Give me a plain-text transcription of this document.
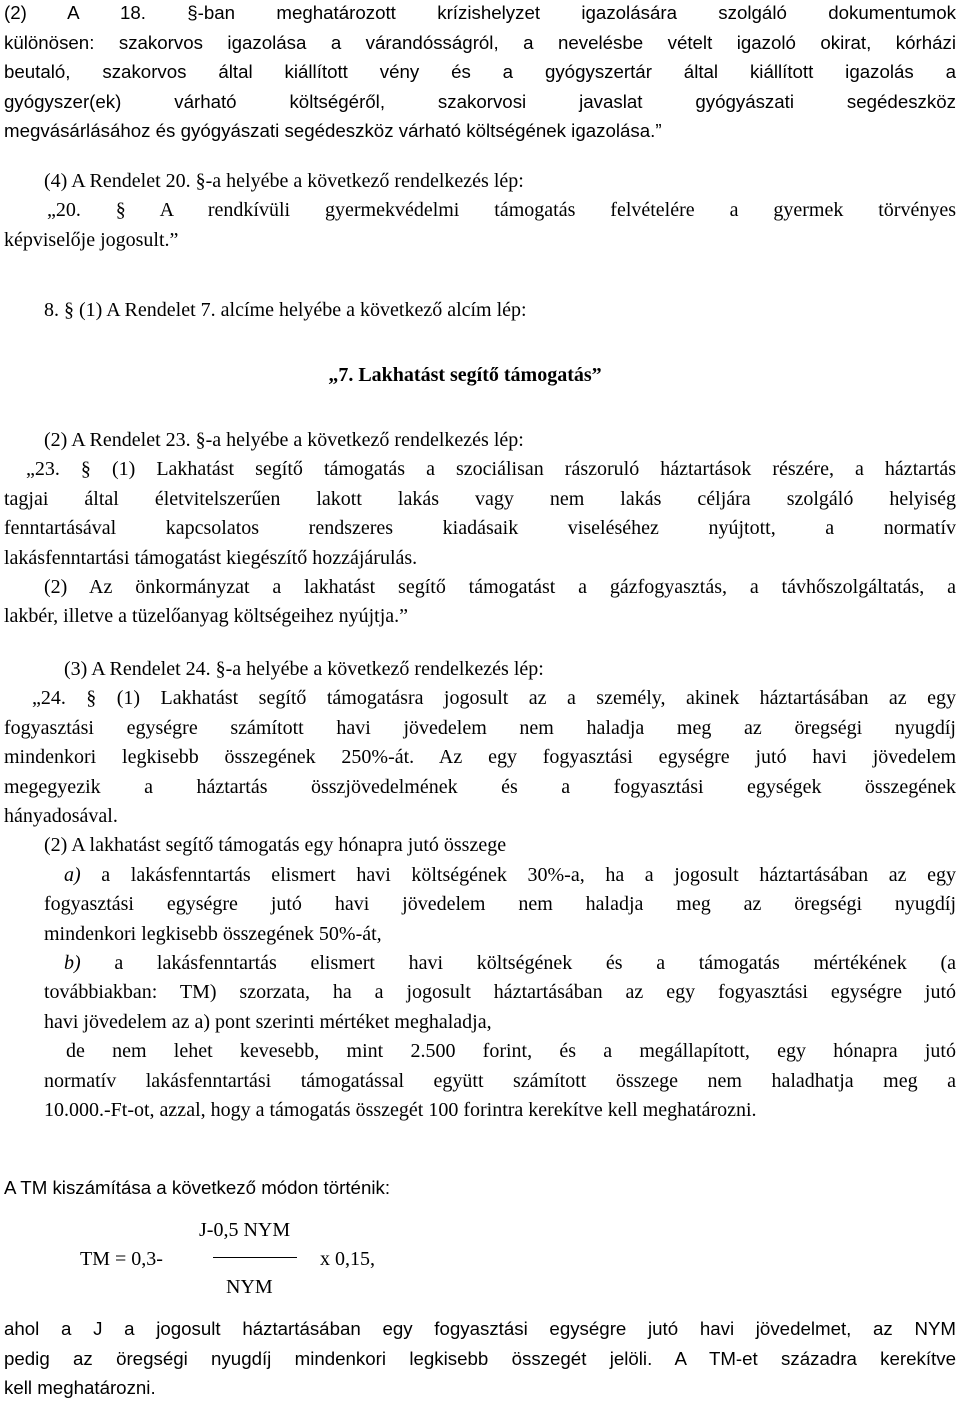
(2) A 18. §-ban meghatározott krízishelyzet igazolására szolgáló dokumentumok

különösen: szakorvos igazolása a várandósságról, a nevelésbe vételt igazoló okirat, kórházi

beutaló, szakorvos által kiállított vény és a gyógyszertár által kiállított igazolás a

gyógyszer(ek) várható költségéről, szakorvosi javaslat gyógyászati segédeszköz

megvásárlásához és gyógyászati segédeszköz várható költségének igazolása.”

(4) A Rendelet 20. §-a helyébe a következő rendelkezés lép:

„20. § A rendkívüli gyermekvédelmi támogatás felvételére a gyermek törvényes

képviselője jogosult.”

8. § (1) A Rendelet 7. alcíme helyébe a következő alcím lép:

„7. Lakhatást segítő támogatás”

(2) A Rendelet 23. §-a helyébe a következő rendelkezés lép:

„23. § (1) Lakhatást segítő támogatás a szociálisan rászoruló háztartások részére, a háztartás

tagjai által életvitelszerűen lakott lakás vagy nem lakás céljára szolgáló helyiség

fenntartásával kapcsolatos rendszeres kiadásaik viseléséhez nyújtott, a normatív

lakásfenntartási támogatást kiegészítő hozzájárulás.

(2) Az önkormányzat a lakhatást segítő támogatást a gázfogyasztás, a távhőszolgáltatás, a

lakbér, illetve a tüzelőanyag költségeihez nyújtja.”

(3) A Rendelet 24. §-a helyébe a következő rendelkezés lép:

„24. § (1) Lakhatást segítő támogatásra jogosult az a személy, akinek háztartásában az egy

fogyasztási egységre számított havi jövedelem nem haladja meg az öregségi nyugdíj

mindenkori legkisebb összegének 250%-át. Az egy fogyasztási egységre jutó havi jövedelem

megegyezik a háztartás összjövedelmének és a fogyasztási egységek összegének

hányadosával.

(2) A lakhatást segítő támogatás egy hónapra jutó összege

a) a lakásfenntartás elismert havi költségének 30%-a, ha a jogosult háztartásában az egy

fogyasztási egységre jutó havi jövedelem nem haladja meg az öregségi nyugdíj

mindenkori legkisebb összegének 50%-át,

b) a lakásfenntartás elismert havi költségének és a támogatás mértékének (a

továbbiakban: TM) szorzata, ha a jogosult háztartásában az egy fogyasztási egységre jutó

havi jövedelem az a) pont szerinti mértéket meghaladja,

de nem lehet kevesebb, mint 2.500 forint, és a megállapított, egy hónapra jutó

normatív lakásfenntartási támogatással együtt számított összege nem haladhatja meg a

10.000.-Ft-ot, azzal, hogy a támogatás összegét 100 forintra kerekítve kell meghatározni.

A TM kiszámítása a következő módon történik:

J-0,5 NYM
TM = 0,3-	x 0,15,
NYM

ahol a J a jogosult háztartásában egy fogyasztási egységre jutó havi jövedelmet, az NYM

pedig az öregségi nyugdíj mindenkori legkisebb összegét jelöli. A TM-et századra kerekítve

kell meghatározni.
